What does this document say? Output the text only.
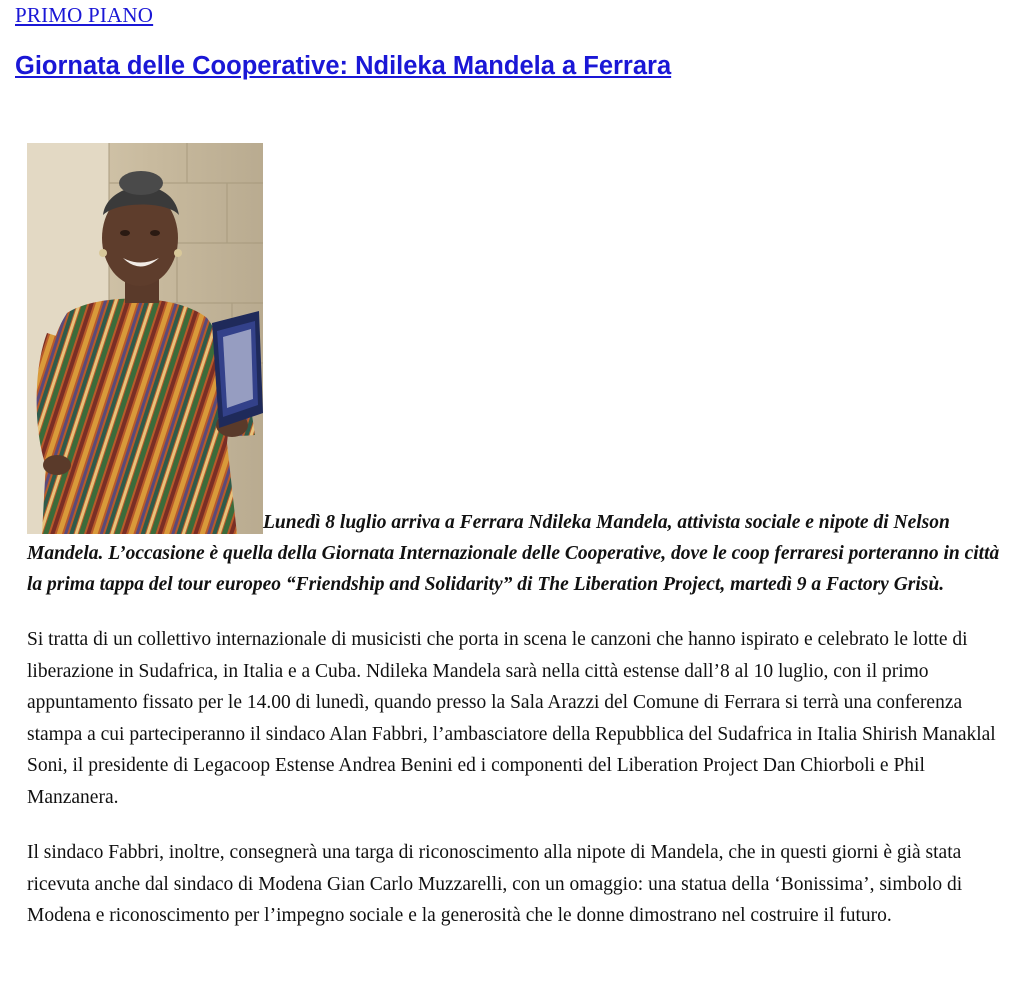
PRIMO PIANO
Giornata delle Cooperative: Ndileka Mandela a Ferrara

Lunedì 8 luglio arriva a Ferrara Ndileka Mandela, attivista sociale e nipote di Nelson Mandela. L’occasione è quella della Giornata Internazionale delle Cooperative, dove le coop ferraresi porteranno in città la prima tappa del tour europeo “Friendship and Solidarity” di The Liberation Project, martedì 9 a Factory Grisù.

Si tratta di un collettivo internazionale di musicisti che porta in scena le canzoni che hanno ispirato e celebrato le lotte di liberazione in Sudafrica, in Italia e a Cuba. Ndileka Mandela sarà nella città estense dall’8 al 10 luglio, con il primo appuntamento fissato per le 14.00 di lunedì, quando presso la Sala Arazzi del Comune di Ferrara si terrà una conferenza stampa a cui parteciperanno il sindaco Alan Fabbri, l’ambasciatore della Repubblica del Sudafrica in Italia Shirish Manaklal Soni, il presidente di Legacoop Estense Andrea Benini ed i componenti del Liberation Project Dan Chiorboli e Phil Manzanera.

Il sindaco Fabbri, inoltre, consegnerà una targa di riconoscimento alla nipote di Mandela, che in questi giorni è già stata ricevuta anche dal sindaco di Modena Gian Carlo Muzzarelli, con un omaggio: una statua della ‘Bonissima’, simbolo di Modena e riconoscimento per l’impegno sociale e la generosità che le donne dimostrano nel costruire il futuro.
